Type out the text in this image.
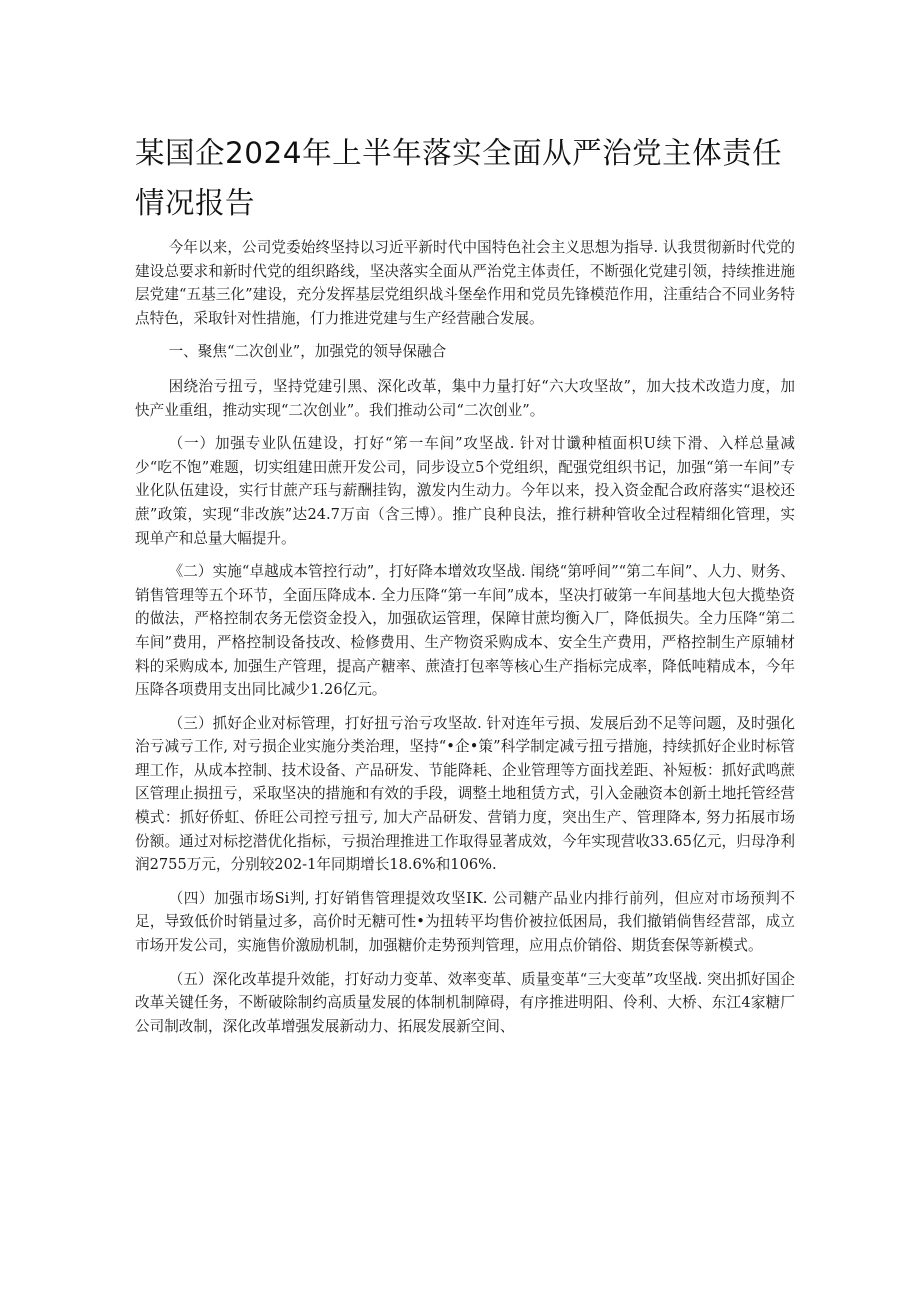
某国企2024年上半年落实全面从严治党主体责任情况报告

今年以来，公司党委始终坚持以习近平新时代中国特色社会主义思想为指导. 认我贯彻新时代党的建设总要求和新时代党的组织路线，坚决落实全面从严治党主体责任，不断强化党建引领，持续推进施层党建“五基三化”建设，充分发挥基层党组织战斗堡垒作用和党员先锋模范作用，注重结合不同业务特点特色，采取针对性措施，仃力推进党建与生产经营融合发展。

一、聚焦“二次创业”，加强党的领导保融合

困绕治亏扭亏，坚持党建引黑、深化改革，集中力量打好“六大攻坚故”，加大技术改造力度，加快产业重组，推动实现“二次创业”。我们推动公司“二次创业”。

（一）加强专业队伍建设，打好“笫一车间”攻坚战. 针对廿谶种植面枳U续下滑、入样总量减少“吃不饱”难题，切实组建田蔗开发公司，同步设立5个党组织，配强党组织书记，加强“第一车间”专业化队伍建设，实行甘蔗产珏与薪酬挂钩，激发内生动力。今年以来，投入资金配合政府落实“退校还蔗”政策，实现“非改族”达24.7万亩（含三博）。推广良种良法，推行耕种管收全过程精细化管理，实现单产和总量大幅提升。

《二）实施“卓越成本管控行动”，打好降本增效攻坚战. 闱绕“第呼间”“第二车间”、人力、财务、销售管理等五个环节，全面压降成本. 全力压降“第一车间”成本，坚决打破第一车间基地大包大揽垫资的做法，严格控制农务无偿资金投入，加强砍运管理，保障甘蔗均衡入厂，降低损失。全力压降“第二车间”费用，严格控制设备技改、检修费用、生产物资采购成本、安全生产费用，严格控制生产原辅材料的采购成本, 加强生产管理，提高产糖率、蔗渣打包率等核心生产指标完成率，降低吨精成本，今年压降各项费用支出同比减少1.26亿元。

（三）抓好企业对标管理，打好扭亏治亏攻坚故. 针对连年亏损、发展后劲不足等问题，及时强化治亏减亏工作, 对亏损企业实施分类治理，坚持“•企•策”科学制定减亏扭亏措施，持续抓好企业时标管理工作，从成本控制、技术设备、产品研发、节能降耗、企业管理等方面找差距、补短板：抓好武鸣蔗区管理止损扭亏，采取坚决的措施和有效的手段，调整土地租赁方式，引入金融资本创新土地托管经营模式：抓好侨虹、侨旺公司控亏扭亏, 加大产品研发、营销力度，突出生产、管理降本, 努力拓展市场份额。通过对标挖潜优化指标，亏损治理推进工作取得显著成效，今年实现营收33.65亿元，归母净利润2755万元，分别较202-1年同期增长18.6%和106%.

（四）加强市场Si判, 打好销售管理提效攻坚IK. 公司糖产品业内排行前列，但应对市场预判不足，导致低价时销量过多，高价时无糖可性•为扭转平均售价被拉低困局，我们撤销倘售经营部，成立市场开发公司，实施售价激励机制，加强糖价走势预判管理，应用点价销俗、期货套保等新模式。

（五）深化改革提升效能，打好动力变革、效率变革、质量变革“三大变革”攻坚战. 突出抓好国企改革关键任务，不断破除制约高质量发展的体制机制障碍，有序推进明阳、伶利、大桥、东江4家糖厂公司制改制，深化改革增强发展新动力、拓展发展新空间、
